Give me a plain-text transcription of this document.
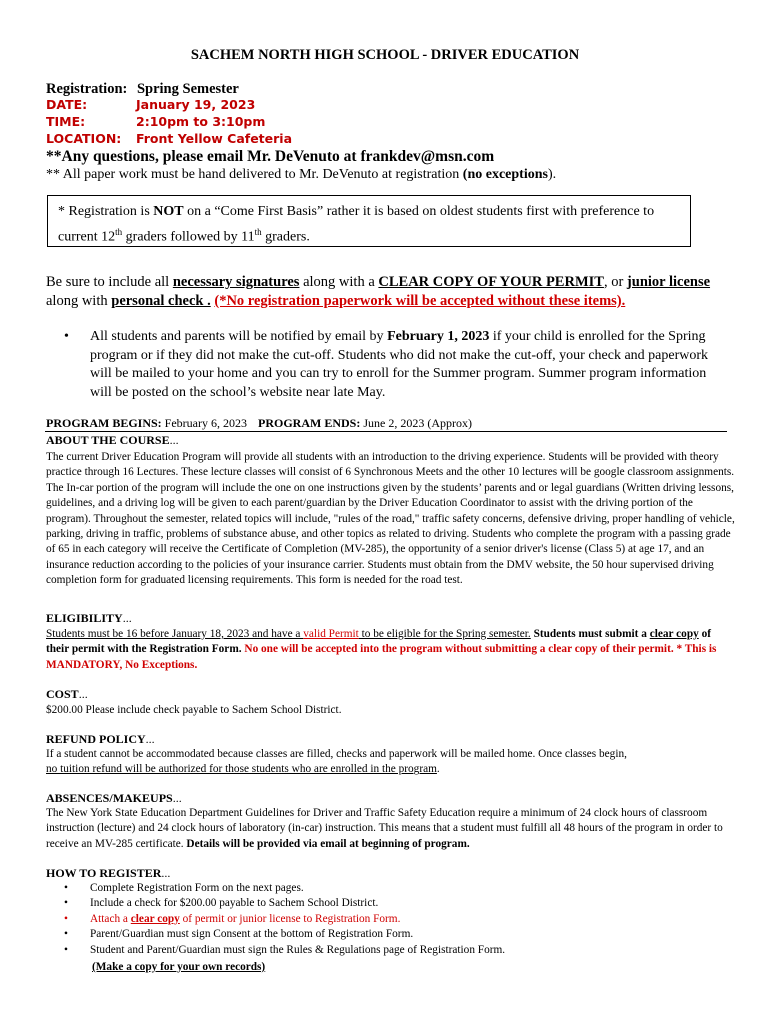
SACHEM NORTH HIGH SCHOOL - DRIVER EDUCATION
Registration: Spring Semester
DATE:	January 19, 2023
TIME:	2:10pm to 3:10pm
LOCATION: Front Yellow Cafeteria
**Any questions, please email Mr. DeVenuto at frankdev@msn.com
** All paper work must be hand delivered to Mr. DeVenuto at registration (no exceptions).
* Registration is NOT on a “Come First Basis” rather it is based on oldest students first with preference to current 12th graders followed by 11th graders.
Be sure to include all necessary signatures along with a CLEAR COPY OF YOUR PERMIT, or junior license along with personal check . (*No registration paperwork will be accepted without these items).
• All students and parents will be notified by email by February 1, 2023 if your child is enrolled for the Spring program or if they did not make the cut-off. Students who did not make the cut-off, your check and paperwork will be mailed to your home and you can try to enroll for the Summer program. Summer program information will be posted on the school’s website near late May.
PROGRAM BEGINS: February 6, 2023 PROGRAM ENDS: June 2, 2023 (Approx)
ABOUT THE COURSE...
The current Driver Education Program will provide all students with an introduction to the driving experience. Students will be provided with theory practice through 16 Lectures. These lecture classes will consist of 6 Synchronous Meets and the other 10 lectures will be google classroom assignments. The In-car portion of the program will include the one on one instructions given by the students’ parents and or legal guardians (Written driving lessons, guidelines, and a driving log will be given to each parent/guardian by the Driver Education Coordinator to assist with the driving portion of the program). Throughout the semester, related topics will include, "rules of the road," traffic safety concerns, defensive driving, proper handling of vehicle, parking, driving in traffic, problems of substance abuse, and other topics as related to driving. Students who complete the program with a passing grade of 65 in each category will receive the Certificate of Completion (MV-285), the opportunity of a senior driver's license (Class 5) at age 17, and an insurance reduction according to the policies of your insurance carrier. Students must obtain from the DMV website, the 50 hour supervised driving completion form for graduated licensing requirements. This form is needed for the road test.
ELIGIBILITY...
Students must be 16 before January 18, 2023 and have a valid Permit to be eligible for the Spring semester. Students must submit a clear copy of their permit with the Registration Form. No one will be accepted into the program without submitting a clear copy of their permit. * This is MANDATORY, No Exceptions.
COST...
$200.00 Please include check payable to Sachem School District.
REFUND POLICY...
If a student cannot be accommodated because classes are filled, checks and paperwork will be mailed home. Once classes begin,
no tuition refund will be authorized for those students who are enrolled in the program.
ABSENCES/MAKEUPS...
The New York State Education Department Guidelines for Driver and Traffic Safety Education require a minimum of 24 clock hours of classroom instruction (lecture) and 24 clock hours of laboratory (in-car) instruction. This means that a student must fulfill all 48 hours of the program in order to receive an MV-285 certificate. Details will be provided via email at beginning of program.
HOW TO REGISTER...
• Complete Registration Form on the next pages.
• Include a check for $200.00 payable to Sachem School District.
• Attach a clear copy of permit or junior license to Registration Form.
• Parent/Guardian must sign Consent at the bottom of Registration Form.
• Student and Parent/Guardian must sign the Rules & Regulations page of Registration Form.
(Make a copy for your own records)
